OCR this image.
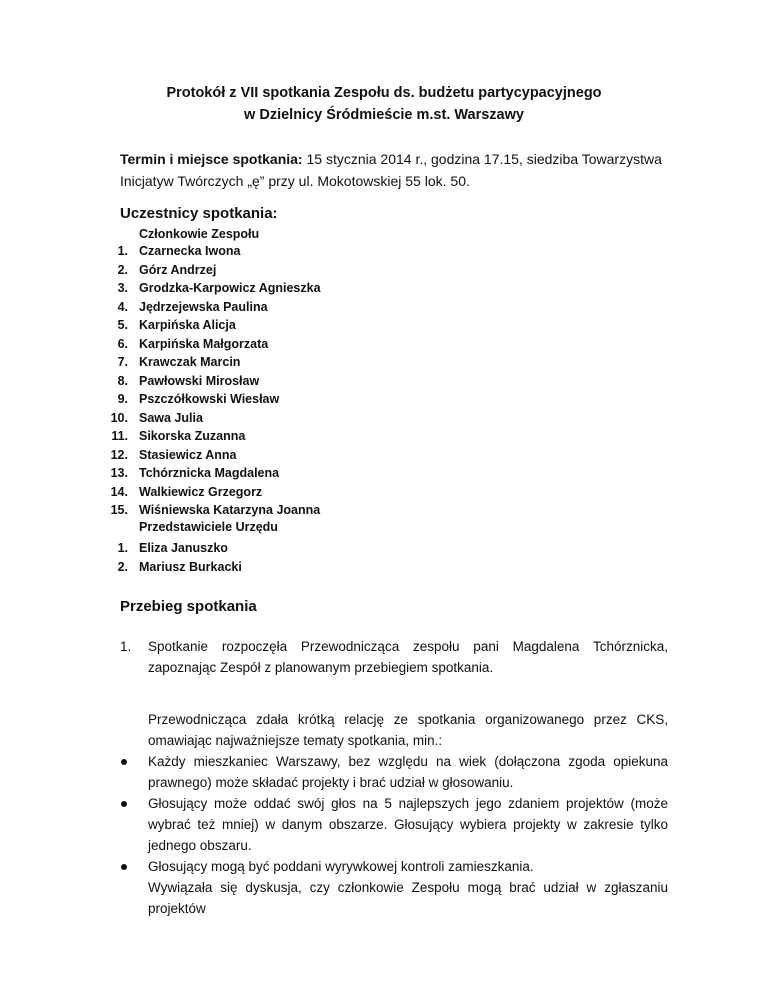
Protokół z VII spotkania Zespołu ds. budżetu partycypacyjnego
w Dzielnicy Śródmieście m.st. Warszawy
Termin i miejsce spotkania: 15 stycznia 2014 r., godzina 17.15, siedziba Towarzystwa Inicjatyw Twórczych „ę” przy ul. Mokotowskiej 55 lok. 50.
Uczestnicy spotkania:
Członkowie Zespołu
1. Czarnecka Iwona
2. Górz Andrzej
3. Grodzka-Karpowicz Agnieszka
4. Jędrzejewska Paulina
5. Karpińska Alicja
6. Karpińska Małgorzata
7. Krawczak Marcin
8. Pawłowski Mirosław
9. Pszczółkowski Wiesław
10. Sawa Julia
11. Sikorska Zuzanna
12. Stasiewicz Anna
13. Tchórznicka Magdalena
14. Walkiewicz Grzegorz
15. Wiśniewska Katarzyna Joanna
Przedstawiciele Urzędu
1. Eliza Januszko
2. Mariusz Burkacki
Przebieg spotkania
1. Spotkanie rozpoczęła Przewodnicząca zespołu pani Magdalena Tchórznicka, zapoznając Zespół z planowanym przebiegiem spotkania.
Przewodnicząca zdała krótką relację ze spotkania organizowanego przez CKS, omawiając najważniejsze tematy spotkania, min.:
Każdy mieszkaniec Warszawy, bez względu na wiek (dołączona zgoda opiekuna prawnego) może składać projekty i brać udział w głosowaniu.
Głosujący może oddać swój głos na 5 najlepszych jego zdaniem projektów (może wybrać też mniej) w danym obszarze. Głosujący wybiera projekty w zakresie tylko jednego obszaru.
Głosujący mogą być poddani wyrywkowej kontroli zamieszkania.
Wywiązała się dyskusja, czy członkowie Zespołu mogą brać udział w zgłaszaniu projektów
